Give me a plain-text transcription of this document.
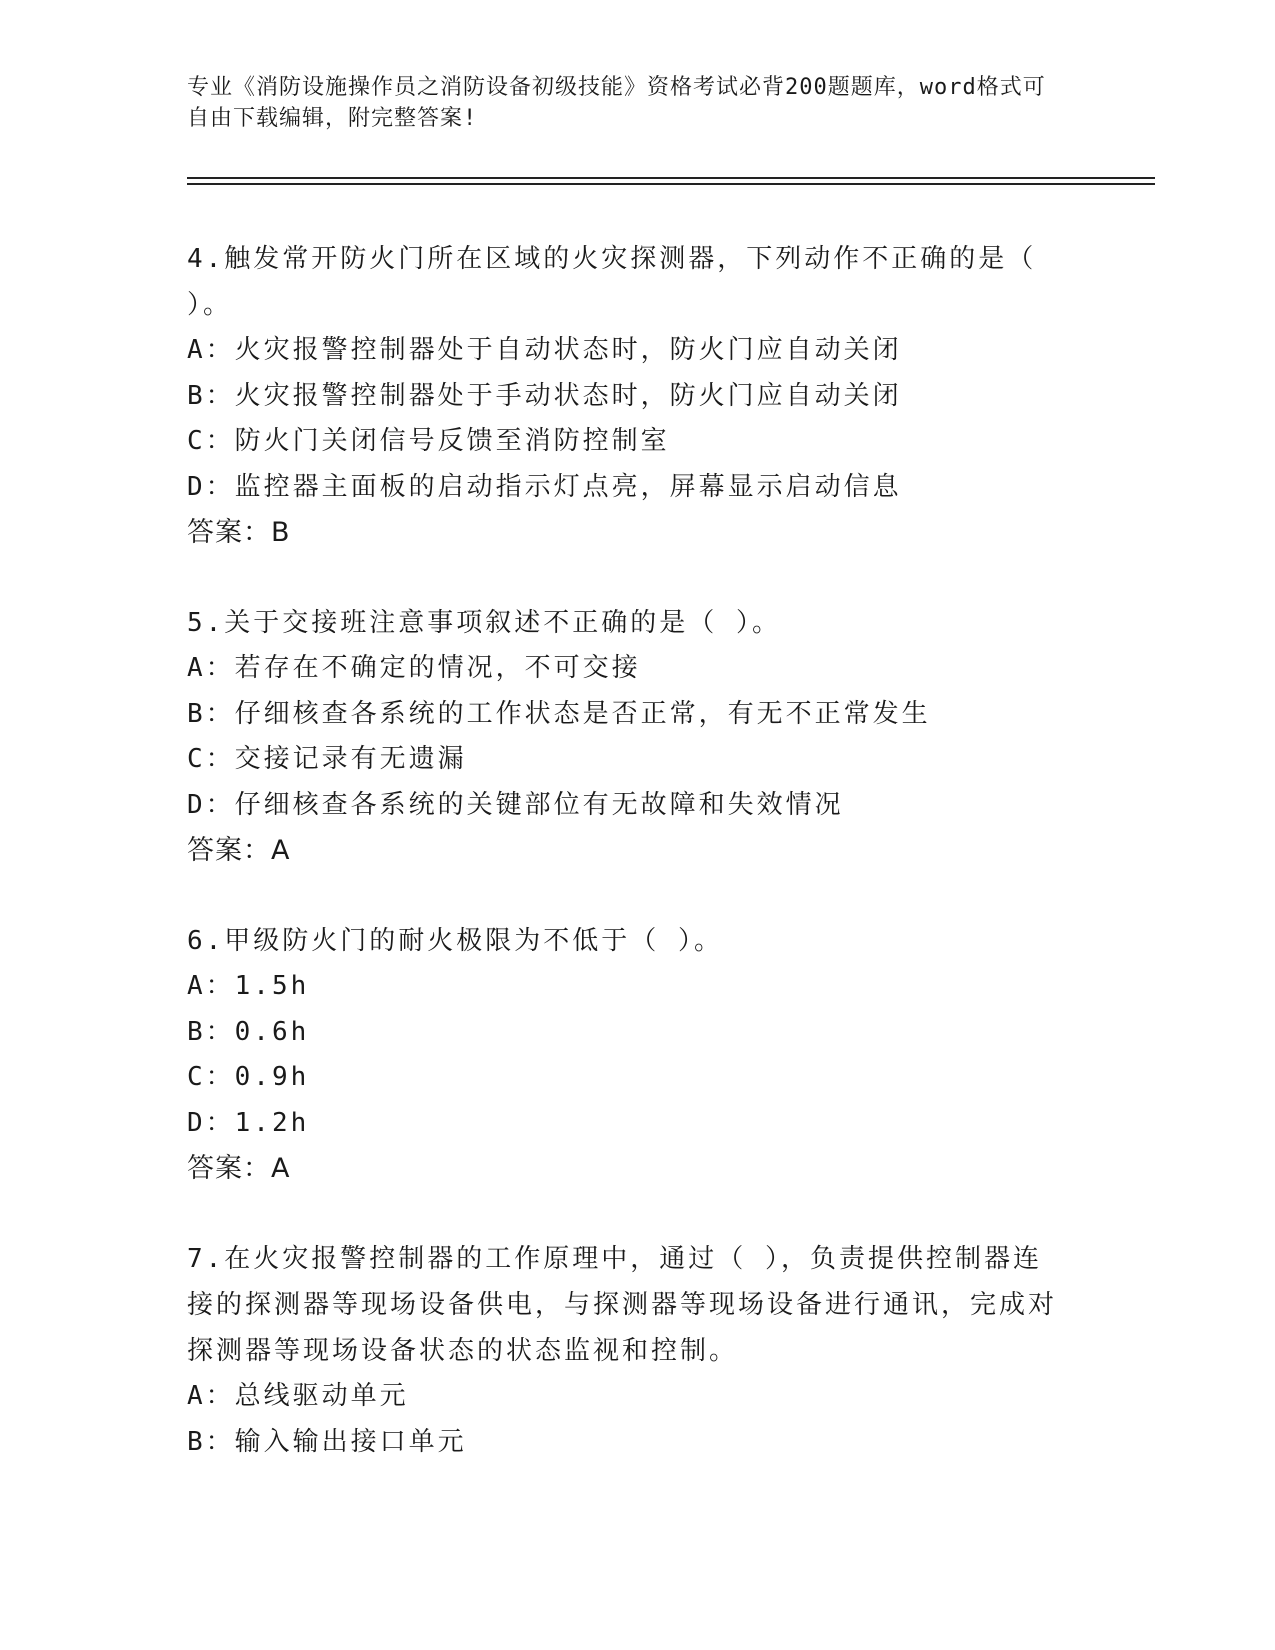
专业《消防设施操作员之消防设备初级技能》资格考试必背200题题库，word格式可自由下载编辑，附完整答案!

4.触发常开防火门所在区域的火灾探测器，下列动作不正确的是（ ）。

A：火灾报警控制器处于自动状态时，防火门应自动关闭

B：火灾报警控制器处于手动状态时，防火门应自动关闭

C：防火门关闭信号反馈至消防控制室

D：监控器主面板的启动指示灯点亮，屏幕显示启动信息

答案：B

5.关于交接班注意事项叙述不正确的是（ ）。

A：若存在不确定的情况，不可交接

B：仔细核查各系统的工作状态是否正常，有无不正常发生

C：交接记录有无遗漏

D：仔细核查各系统的关键部位有无故障和失效情况

答案：A

6.甲级防火门的耐火极限为不低于（ ）。

A：1.5h

B：0.6h

C：0.9h

D：1.2h

答案：A

7.在火灾报警控制器的工作原理中，通过（ ），负责提供控制器连接的探测器等现场设备供电，与探测器等现场设备进行通讯，完成对探测器等现场设备状态的状态监视和控制。

A：总线驱动单元

B：输入输出接口单元
